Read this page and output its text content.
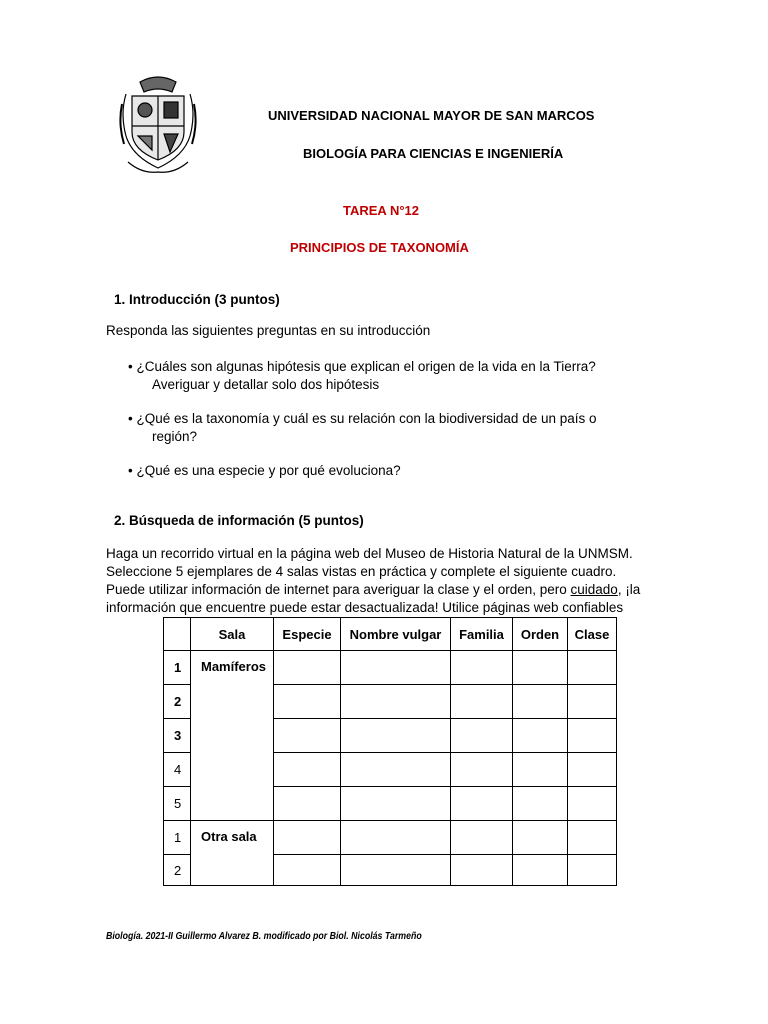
UNIVERSIDAD NACIONAL MAYOR DE SAN MARCOS
BIOLOGÍA PARA CIENCIAS E INGENIERÍA
TAREA N°12
PRINCIPIOS DE TAXONOMÍA
1. Introducción (3 puntos)
Responda las siguientes preguntas en su introducción
• ¿Cuáles son algunas hipótesis que explican el origen de la vida en la Tierra?
Averiguar y detallar solo dos hipótesis
• ¿Qué es la taxonomía y cuál es su relación con la biodiversidad de un país o
región?
• ¿Qué es una especie y por qué evoluciona?
2. Búsqueda de información (5 puntos)
Haga un recorrido virtual en la página web del Museo de Historia Natural de la UNMSM.
Seleccione 5 ejemplares de 4 salas vistas en práctica y complete el siguiente cuadro.
Puede utilizar información de internet para averiguar la clase y el orden, pero cuidado, ¡la
información que encuentre puede estar desactualizada! Utilice páginas web confiables
	Sala	Especie	Nombre vulgar	Familia	Orden	Clase
1	Mamíferos					
2						
3						
4						
5						
1	Otra sala					
2						
Biología. 2021-II Guillermo Alvarez B. modificado por Biol. Nicolás Tarmeño
